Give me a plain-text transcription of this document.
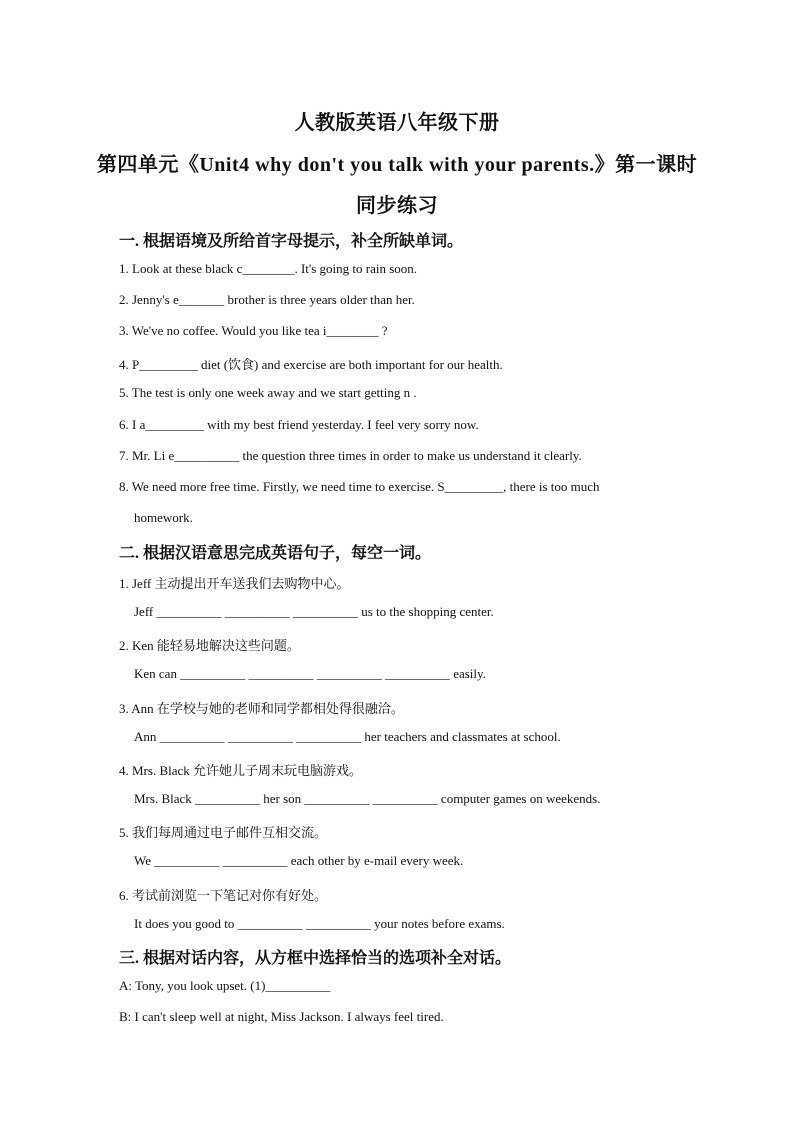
人教版英语八年级下册
第四单元《Unit4 why don't you talk with your parents.》第一课时
同步练习
一. 根据语境及所给首字母提示，补全所缺单词。
1. Look at these black c________. It's going to rain soon.
2. Jenny's e_______ brother is three years older than her.
3. We've no coffee. Would you like tea i________ ?
4. P_________ diet (饮食) and exercise are both important for our health.
5. The test is only one week away and we start getting n .
6. I a_________ with my best friend yesterday. I feel very sorry now.
7. Mr. Li e__________ the question three times in order to make us understand it clearly.
8. We need more free time. Firstly, we need time to exercise. S_________, there is too much
homework.
二. 根据汉语意思完成英语句子，每空一词。
1. Jeff 主动提出开车送我们去购物中心。
Jeff __________ __________ __________ us to the shopping center.
2. Ken 能轻易地解决这些问题。
Ken can __________ __________ __________ __________ easily.
3. Ann 在学校与她的老师和同学都相处得很融洽。
Ann __________ __________ __________ her teachers and classmates at school.
4. Mrs. Black 允许她儿子周末玩电脑游戏。
Mrs. Black __________ her son __________ __________ computer games on weekends.
5. 我们每周通过电子邮件互相交流。
We __________ __________ each other by e-mail every week.
6. 考试前浏览一下笔记对你有好处。
It does you good to __________ __________ your notes before exams.
三. 根据对话内容，从方框中选择恰当的选项补全对话。
A: Tony, you look upset. (1)__________
B: I can't sleep well at night, Miss Jackson. I always feel tired.
